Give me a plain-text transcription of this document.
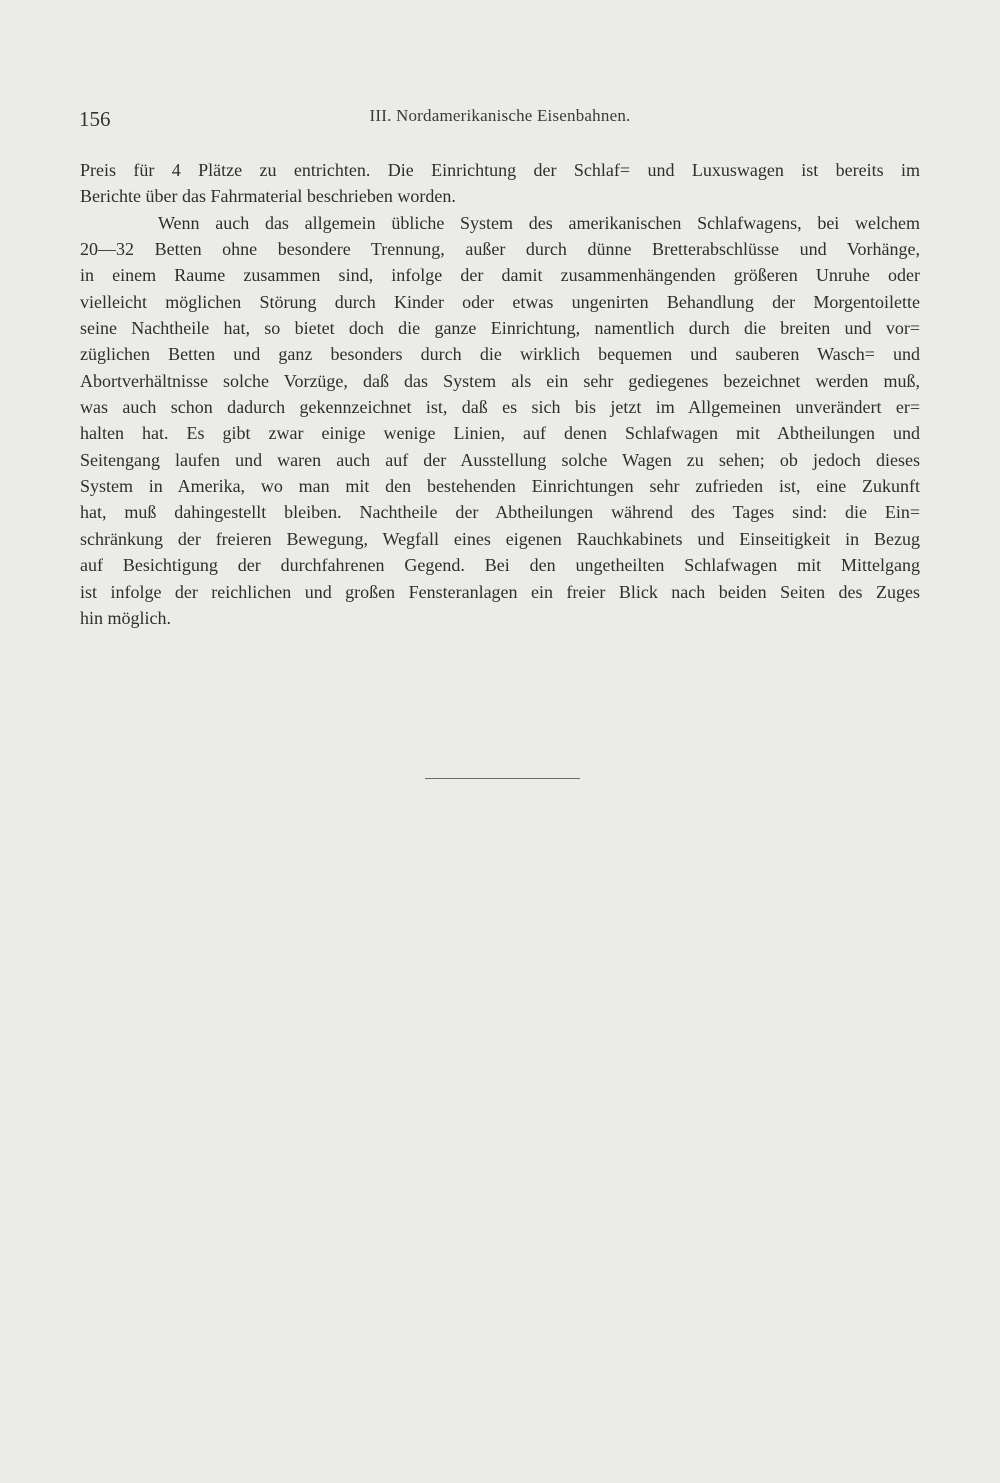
156	III. Nordamerikanische Eisenbahnen.
Preis für 4 Plätze zu entrichten. Die Einrichtung der Schlaf= und Luxuswagen ist bereits im
Berichte über das Fahrmaterial beschrieben worden.
Wenn auch das allgemein übliche System des amerikanischen Schlafwagens, bei welchem
20—32 Betten ohne besondere Trennung, außer durch dünne Bretterabschlüsse und Vorhänge,
in einem Raume zusammen sind, infolge der damit zusammenhängenden größeren Unruhe oder
vielleicht möglichen Störung durch Kinder oder etwas ungenirten Behandlung der Morgentoilette
seine Nachtheile hat, so bietet doch die ganze Einrichtung, namentlich durch die breiten und vor=
züglichen Betten und ganz besonders durch die wirklich bequemen und sauberen Wasch= und
Abortverhältnisse solche Vorzüge, daß das System als ein sehr gediegenes bezeichnet werden muß,
was auch schon dadurch gekennzeichnet ist, daß es sich bis jetzt im Allgemeinen unverändert er=
halten hat. Es gibt zwar einige wenige Linien, auf denen Schlafwagen mit Abtheilungen und
Seitengang laufen und waren auch auf der Ausstellung solche Wagen zu sehen; ob jedoch dieses
System in Amerika, wo man mit den bestehenden Einrichtungen sehr zufrieden ist, eine Zukunft
hat, muß dahingestellt bleiben. Nachtheile der Abtheilungen während des Tages sind: die Ein=
schränkung der freieren Bewegung, Wegfall eines eigenen Rauchkabinets und Einseitigkeit in Bezug
auf Besichtigung der durchfahrenen Gegend. Bei den ungetheilten Schlafwagen mit Mittelgang
ist infolge der reichlichen und großen Fensteranlagen ein freier Blick nach beiden Seiten des Zuges
hin möglich.
